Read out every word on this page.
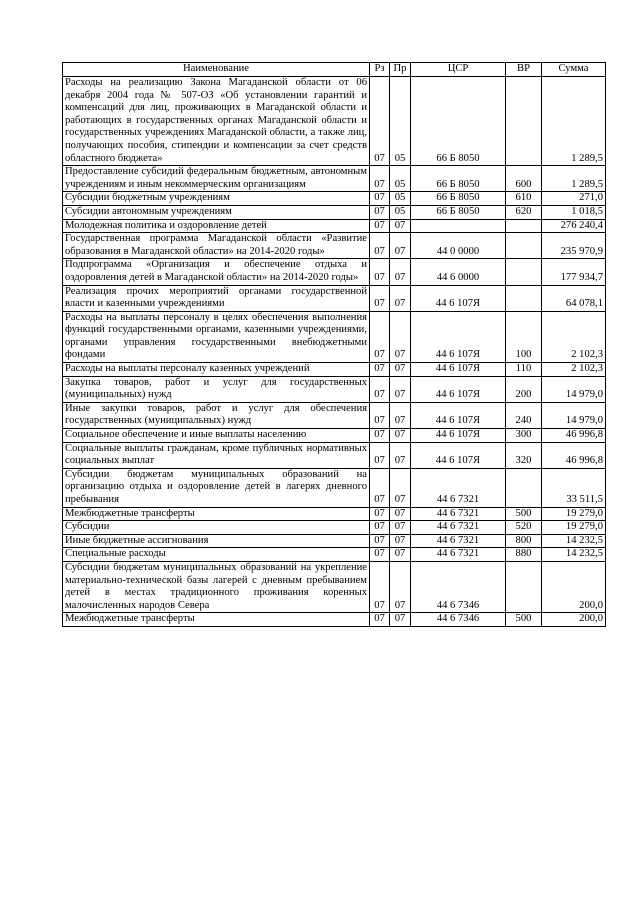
Наименование	Рз	Пр	ЦСР	ВР	Сумма
Расходы на реализацию Закона Магаданской области от 06 декабря 2004 года № 507-ОЗ «Об установлении гарантий и компенсаций для лиц, проживающих в Магаданской области и работающих в государственных органах Магаданской области и государственных учреждениях Магаданской области, а также лиц, получающих пособия, стипендии и компенсации за счет средств областного бюджета»	07	05	66 Б 8050		1 289,5
Предоставление субсидий федеральным бюджетным, автономным учреждениям и иным некоммерческим организациям	07	05	66 Б 8050	600	1 289,5
Субсидии бюджетным учреждениям	07	05	66 Б 8050	610	271,0
Субсидии автономным учреждениям	07	05	66 Б 8050	620	1 018,5
Молодежная политика и оздоровление детей	07	07			276 240,4
Государственная программа Магаданской области «Развитие образования в Магаданской области» на 2014-2020 годы»	07	07	44 0 0000		235 970,9
Подпрограмма «Организация и обеспечение отдыха и оздоровления детей в Магаданской области» на 2014-2020 годы»	07	07	44 6 0000		177 934,7
Реализация прочих мероприятий органами государственной власти и казенными учреждениями	07	07	44 6 107Я		64 078,1
Расходы на выплаты персоналу в целях обеспечения выполнения функций государственными органами, казенными учреждениями, органами управления государственными внебюджетными фондами	07	07	44 6 107Я	100	2 102,3
Расходы на выплаты персоналу казенных учреждений	07	07	44 6 107Я	110	2 102,3
Закупка товаров, работ и услуг для государственных (муниципальных) нужд	07	07	44 6 107Я	200	14 979,0
Иные закупки товаров, работ и услуг для обеспечения государственных (муниципальных) нужд	07	07	44 6 107Я	240	14 979,0
Социальное обеспечение и иные выплаты населению	07	07	44 6 107Я	300	46 996,8
Социальные выплаты гражданам, кроме публичных нормативных социальных выплат	07	07	44 6 107Я	320	46 996,8
Субсидии бюджетам муниципальных образований на организацию отдыха и оздоровление детей в лагерях дневного пребывания	07	07	44 6 7321		33 511,5
Межбюджетные трансферты	07	07	44 6 7321	500	19 279,0
Субсидии	07	07	44 6 7321	520	19 279,0
Иные бюджетные ассигнования	07	07	44 6 7321	800	14 232,5
Специальные расходы	07	07	44 6 7321	880	14 232,5
Субсидии бюджетам муниципальных образований на укрепление материально-технической базы лагерей с дневным пребыванием детей в местах традиционного проживания коренных малочисленных народов Севера	07	07	44 6 7346		200,0
Межбюджетные трансферты	07	07	44 6 7346	500	200,0
